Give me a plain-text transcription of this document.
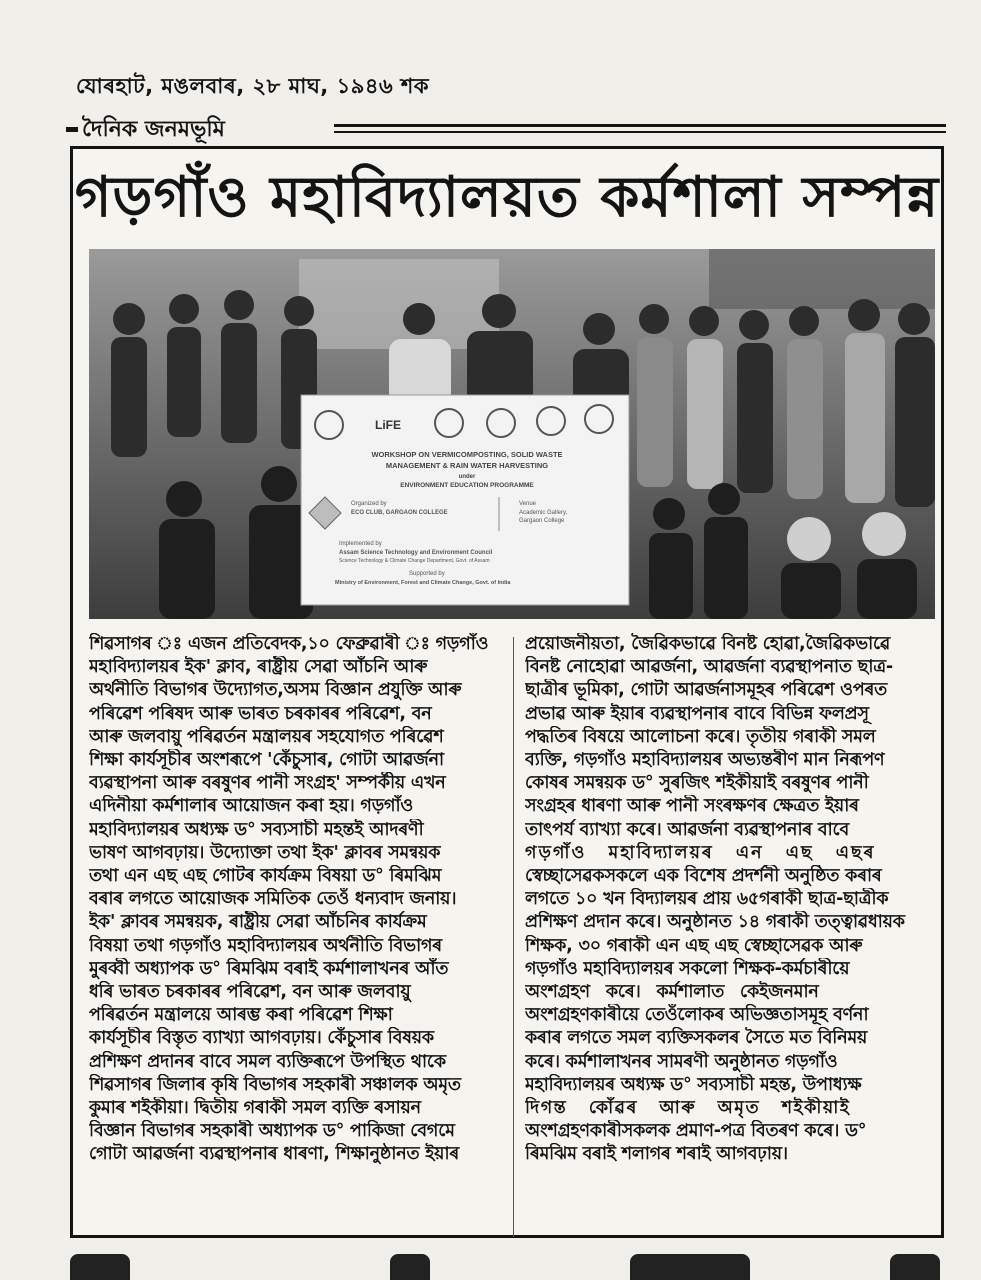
যোৰহাট, মঙলবাৰ, ২৮ মাঘ, ১৯৪৬ শক
দৈনিক জনমভূমি
গড়গাঁও মহাবিদ্যালয়ত কৰ্মশালা সম্পন্ন
LiFE
WORKSHOP ON VERMICOMPOSTING, SOLID WASTE
MANAGEMENT & RAIN WATER HARVESTING
under
ENVIRONMENT EDUCATION PROGRAMME
Organized by
ECO CLUB, GARGAON COLLEGE
Venue
Academic Gallery,
Gargaon College
Implemented by
Assam Science Technology and Environment Council
Science Technology & Climate Change Department, Govt. of Assam
Supported by
Ministry of Environment, Forest and Climate Change, Govt. of India
শিৱসাগৰ ঃ এজন প্ৰতিবেদক,১০ ফেব্ৰুৱাৰী ঃ গড়গাঁও
মহাবিদ্যালয়ৰ ইক' ক্লাব, ৰাষ্ট্ৰীয় সেৱা আঁচনি আৰু
অৰ্থনীতি বিভাগৰ উদ্যোগত,অসম বিজ্ঞান প্ৰযুক্তি আৰু
পৰিৱেশ পৰিষদ আৰু ভাৰত চৰকাৰৰ পৰিৱেশ, বন
আৰু জলবায়ু পৰিৱৰ্তন মন্ত্ৰালয়ৰ সহযোগত পৰিৱেশ
শিক্ষা কাৰ্যসূচীৰ অংশৰূপে 'কেঁচুসাৰ, গোটা আৱৰ্জনা
ব্যৱস্থাপনা আৰু বৰষুণৰ পানী সংগ্ৰহ' সম্পৰ্কীয় এখন
এদিনীয়া কৰ্মশালাৰ আয়োজন কৰা হয়। গড়গাঁও
মহাবিদ্যালয়ৰ অধ্যক্ষ ড° সব্যসাচী মহন্তই আদৰণী
ভাষণ আগবঢ়ায়। উদ্যোক্তা তথা ইক' ক্লাবৰ সমন্বয়ক
তথা এন এছ এছ গোটৰ কাৰ্যক্ৰম বিষয়া ড° ৰিমঝিম
বৰাৰ লগতে আয়োজক সমিতিক তেওঁ ধন্যবাদ জনায়।
ইক' ক্লাবৰ সমন্বয়ক, ৰাষ্ট্ৰীয় সেৱা আঁচনিৰ কাৰ্যক্ৰম
বিষয়া তথা গড়গাঁও মহাবিদ্যালয়ৰ অৰ্থনীতি বিভাগৰ
মুৰব্বী অধ্যাপক ড° ৰিমঝিম বৰাই কৰ্মশালাখনৰ আঁত
ধৰি ভাৰত চৰকাৰৰ পৰিৱেশ, বন আৰু জলবায়ু
পৰিৱৰ্তন মন্ত্ৰালয়ে আৰম্ভ কৰা পৰিৱেশ শিক্ষা
কাৰ্যসূচীৰ বিস্তৃত ব্যাখ্যা আগবঢ়ায়। কেঁচুসাৰ বিষয়ক
প্ৰশিক্ষণ প্ৰদানৰ বাবে সমল ব্যক্তিৰূপে উপস্থিত থাকে
শিৱসাগৰ জিলাৰ কৃষি বিভাগৰ সহকাৰী সঞ্চালক অমৃত
কুমাৰ শইকীয়া। দ্বিতীয় গৰাকী সমল ব্যক্তি ৰসায়ন
বিজ্ঞান বিভাগৰ সহকাৰী অধ্যাপক ড° পাকিজা বেগমে
গোটা আৱৰ্জনা ব্যৱস্থাপনাৰ ধাৰণা, শিক্ষানুষ্ঠানত ইয়াৰ
প্ৰয়োজনীয়তা, জৈৱিকভাৱে বিনষ্ট হোৱা,জৈৱিকভাৱে
বিনষ্ট নোহোৱা আৱৰ্জনা, আৱৰ্জনা ব্যৱস্থাপনাত ছাত্ৰ-
ছাত্ৰীৰ ভূমিকা, গোটা আৱৰ্জনাসমূহৰ পৰিৱেশ ওপৰত
প্ৰভাৱ আৰু ইয়াৰ ব্যৱস্থাপনাৰ বাবে বিভিন্ন ফলপ্ৰসূ
পদ্ধতিৰ বিষয়ে আলোচনা কৰে। তৃতীয় গৰাকী সমল
ব্যক্তি, গড়গাঁও মহাবিদ্যালয়ৰ অভ্যন্তৰীণ মান নিৰূপণ
কোষৰ সমন্বয়ক ড° সুৰজিৎ শইকীয়াই বৰষুণৰ পানী
সংগ্ৰহৰ ধাৰণা আৰু পানী সংৰক্ষণৰ ক্ষেত্ৰত ইয়াৰ
তাৎপৰ্য ব্যাখ্যা কৰে। আৱৰ্জনা ব্যৱস্থাপনাৰ বাবে
গড়গাঁও মহাবিদ্যালয়ৰ এন এছ এছৰ
স্বেচ্ছাসেৱকসকলে এক বিশেষ প্ৰদৰ্শনী অনুষ্ঠিত কৰাৰ
লগতে ১০ খন বিদ্যালয়ৰ প্ৰায় ৬৫গৰাকী ছাত্ৰ-ছাত্ৰীক
প্ৰশিক্ষণ প্ৰদান কৰে। অনুষ্ঠানত ১৪ গৰাকী তত্ত্বাৱধায়ক
শিক্ষক, ৩০ গৰাকী এন এছ এছ স্বেচ্ছাসেৱক আৰু
গড়গাঁও মহাবিদ্যালয়ৰ সকলো শিক্ষক-কৰ্মচাৰীয়ে
অংশগ্ৰহণ কৰে। কৰ্মশালাত কেইজনমান
অংশগ্ৰহণকাৰীয়ে তেওঁলোকৰ অভিজ্ঞতাসমূহ বৰ্ণনা
কৰাৰ লগতে সমল ব্যক্তিসকলৰ সৈতে মত বিনিময়
কৰে। কৰ্মশালাখনৰ সামৰণী অনুষ্ঠানত গড়গাঁও
মহাবিদ্যালয়ৰ অধ্যক্ষ ড° সব্যসাচী মহন্ত, উপাধ্যক্ষ
দিগন্ত কোঁৱৰ আৰু অমৃত শইকীয়াই
অংশগ্ৰহণকাৰীসকলক প্ৰমাণ-পত্ৰ বিতৰণ কৰে। ড°
ৰিমঝিম বৰাই শলাগৰ শৰাই আগবঢ়ায়।
